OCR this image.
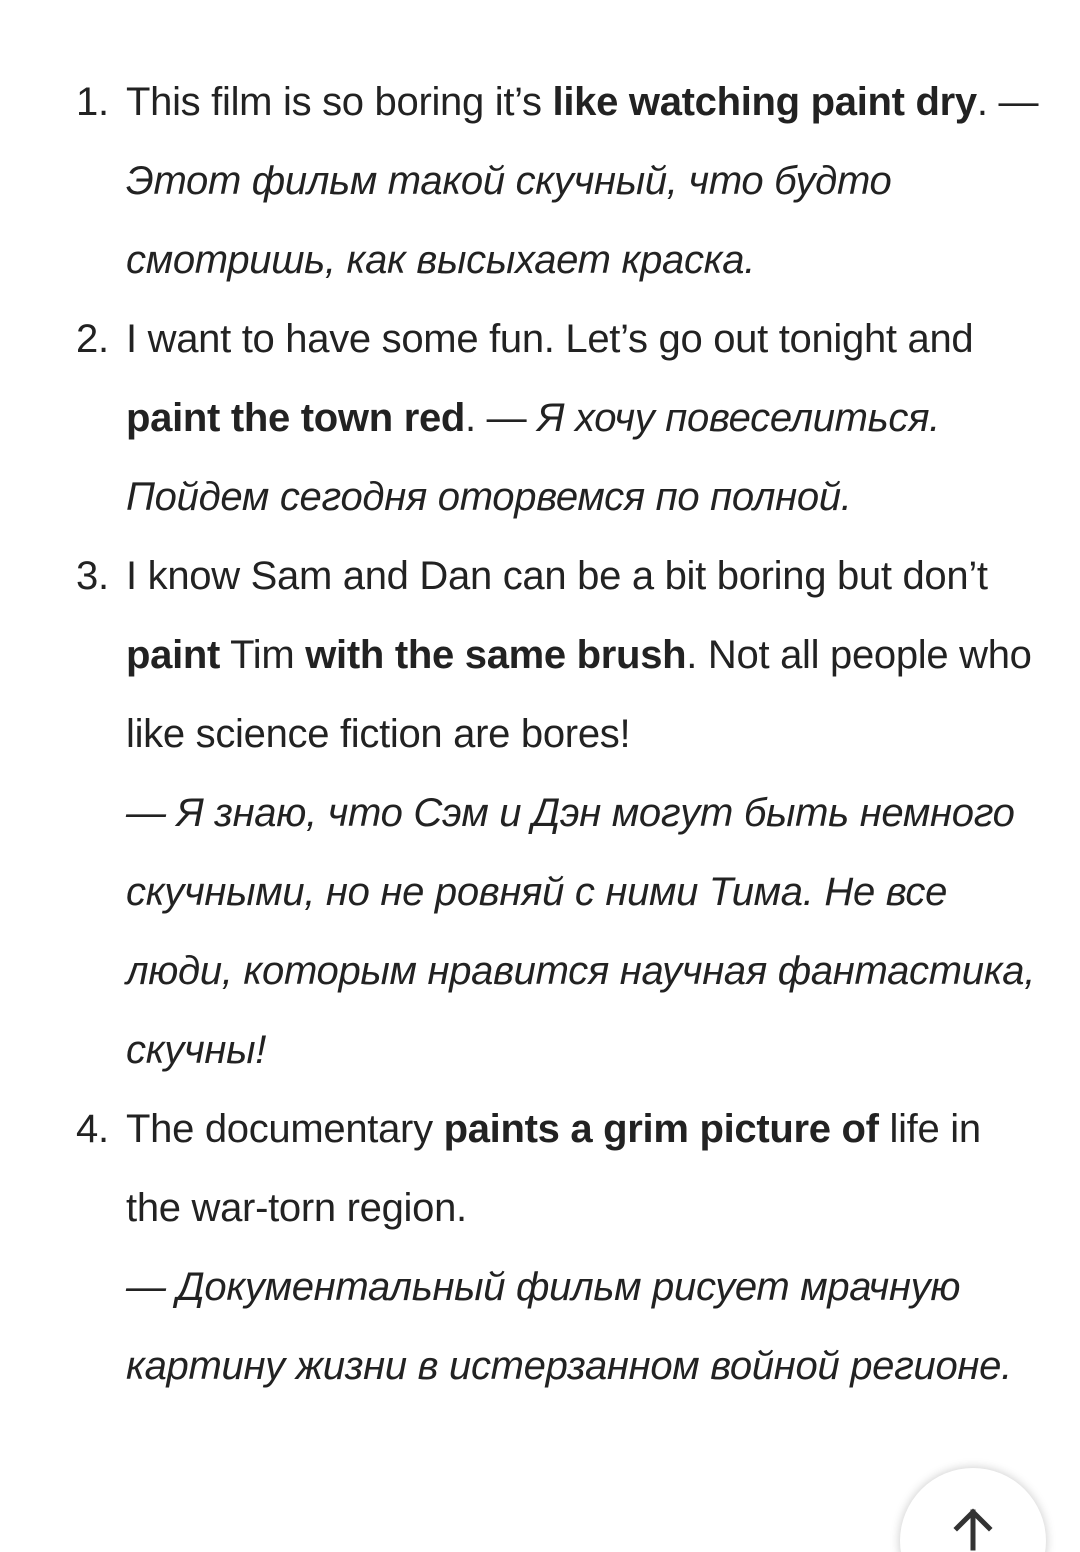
1. This film is so boring it’s like watching paint dry. — Этот фильм такой скучный, что будто смотришь, как высыхает краска.
2. I want to have some fun. Let’s go out tonight and paint the town red. — Я хочу повеселиться. Пойдем сегодня оторвемся по полной.
3. I know Sam and Dan can be a bit boring but don’t paint Tim with the same brush. Not all people who like science fiction are bores!
— Я знаю, что Сэм и Дэн могут быть немного скучными, но не ровняй с ними Тима. Не все люди, которым нравится научная фантастика, скучны!
4. The documentary paints a grim picture of life in the war-torn region.
— Документальный фильм рисует мрачную картину жизни в истерзанном войной регионе.
